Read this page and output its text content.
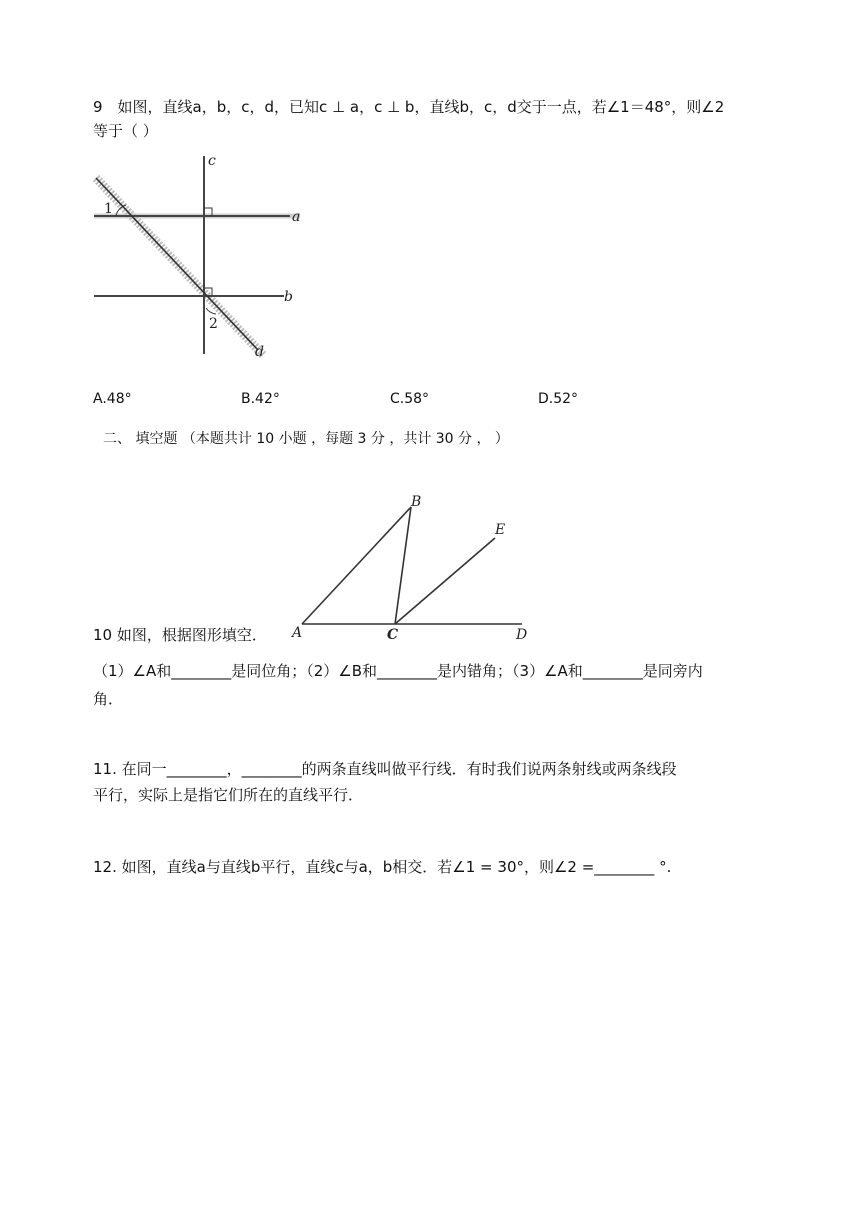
9　如图，直线a，b，c，d，已知c ⊥ a，c ⊥ b，直线b，c，d交于一点，若∠1＝48°，则∠2
等于（ ）
c
a
b
d
1
2
A.48°	B.42°	C.58°	D.52°
二、 填空题 （本题共计 10 小题 ，每题 3 分 ，共计 30 分 ， ）
10 如图，根据图形填空． A
B
C	D
E
（1）∠A和________是同位角；（2）∠B和________是内错角；（3）∠A和________是同旁内
角．
11. 在同一________，________的两条直线叫做平行线．有时我们说两条射线或两条线段
平行，实际上是指它们所在的直线平行．
12. 如图，直线a与直线b平行，直线c与a，b相交．若∠1 = 30°，则∠2 =________ °.
